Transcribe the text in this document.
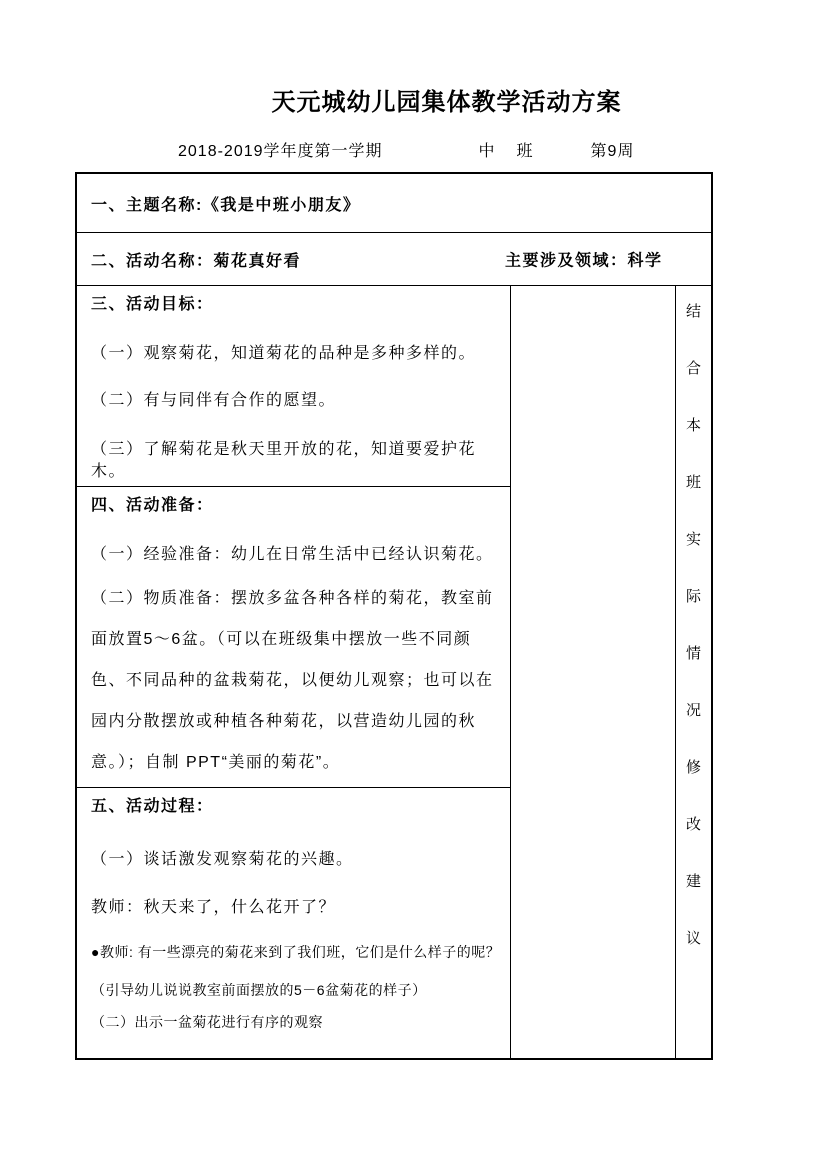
天元城幼儿园集体教学活动方案
2018-2019学年度第一学期	中　班	第9周
一、主题名称:《我是中班小朋友》
二、活动名称：菊花真好看	主要涉及领域：科学
三、活动目标：
（一）观察菊花，知道菊花的品种是多种多样的。
（二）有与同伴有合作的愿望。
（三）了解菊花是秋天里开放的花，知道要爱护花木。
四、活动准备：
（一）经验准备：幼儿在日常生活中已经认识菊花。
（二）物质准备：摆放多盆各种各样的菊花，教室前面放置5～6盆。（可以在班级集中摆放一些不同颜色、不同品种的盆栽菊花，以便幼儿观察；也可以在园内分散摆放或种植各种菊花，以营造幼儿园的秋意。）；自制 PPT“美丽的菊花”。
五、活动过程：
（一）谈话激发观察菊花的兴趣。
教师：秋天来了，什么花开了？
●教师: 有一些漂亮的菊花来到了我们班，它们是什么样子的呢？
（引导幼儿说说教室前面摆放的5－6盆菊花的样子）
（二）出示一盆菊花进行有序的观察
结
合
本
班
实
际
情
况
修
改
建
议
